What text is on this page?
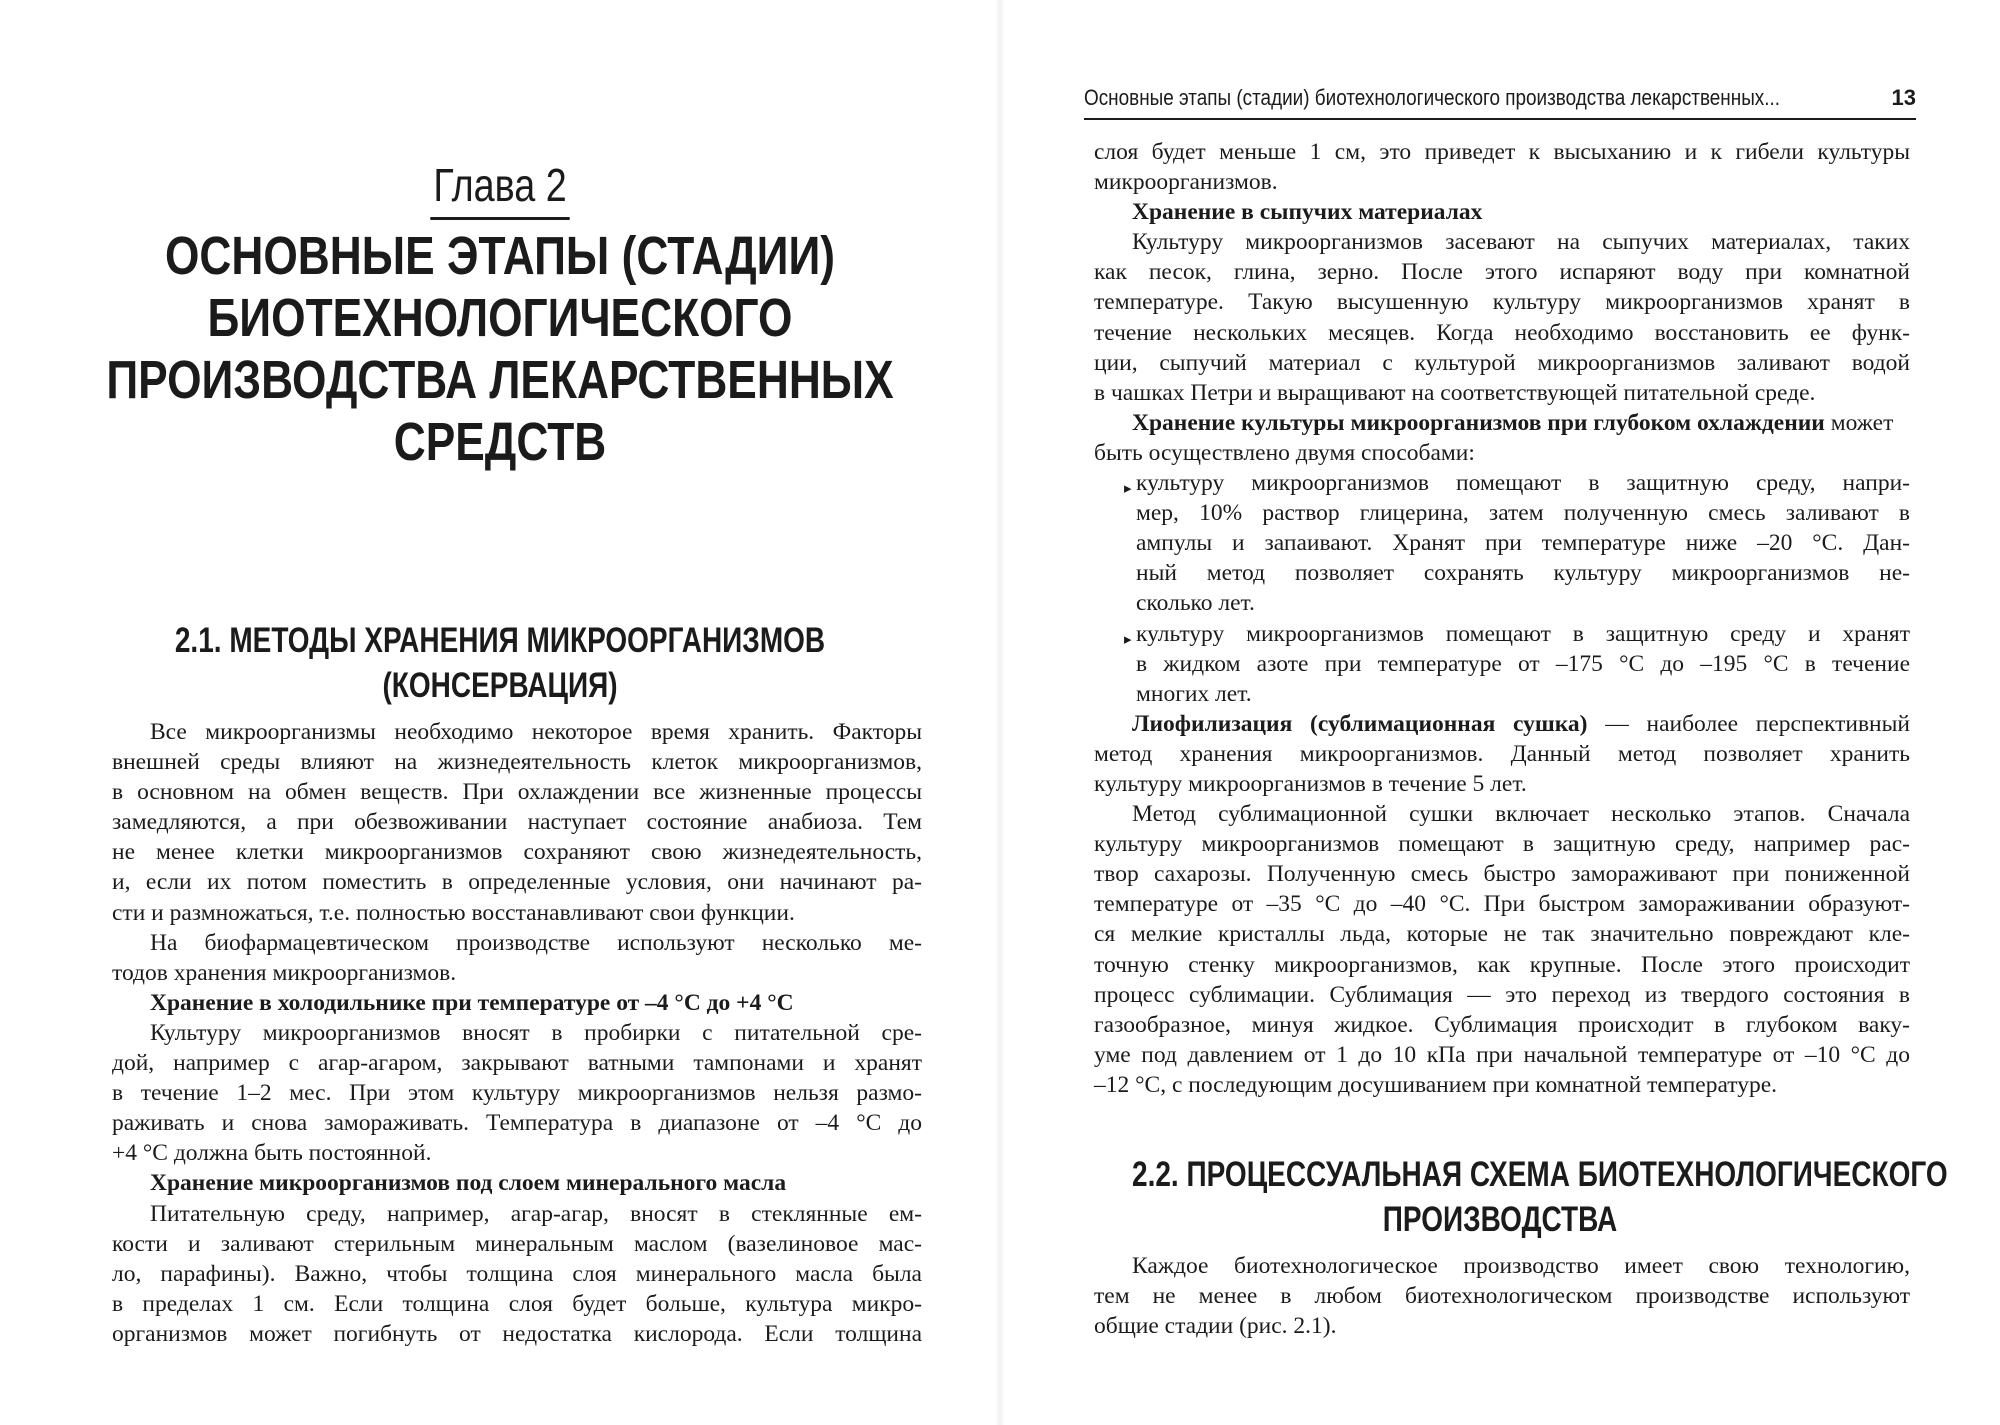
Глава 2
ОСНОВНЫЕ ЭТАПЫ (СТАДИИ)
БИОТЕХНОЛОГИЧЕСКОГО
ПРОИЗВОДСТВА ЛЕКАРСТВЕННЫХ
СРЕДСТВ
2.1. МЕТОДЫ ХРАНЕНИЯ МИКРООРГАНИЗМОВ
(КОНСЕРВАЦИЯ)
Все микроорганизмы необходимо некоторое время хранить. Факторы
внешней среды влияют на жизнедеятельность клеток микроорганизмов,
в основном на обмен веществ. При охлаждении все жизненные процессы
замедляются, а при обезвоживании наступает состояние анабиоза. Тем
не менее клетки микроорганизмов сохраняют свою жизнедеятельность,
и, если их потом поместить в определенные условия, они начинают ра-
сти и размножаться, т.е. полностью восстанавливают свои функции.
На биофармацевтическом производстве используют несколько ме-
тодов хранения микроорганизмов.
Хранение в холодильнике при температуре от –4 °С до +4 °С
Культуру микроорганизмов вносят в пробирки с питательной сре-
дой, например с агар-агаром, закрывают ватными тампонами и хранят
в течение 1–2 мес. При этом культуру микроорганизмов нельзя размо-
раживать и снова замораживать. Температура в диапазоне от –4 °С до
+4 °С должна быть постоянной.
Хранение микроорганизмов под слоем минерального масла
Питательную среду, например, агар-агар, вносят в стеклянные ем-
кости и заливают стерильным минеральным маслом (вазелиновое мас-
ло, парафины). Важно, чтобы толщина слоя минерального масла была
в пределах 1 см. Если толщина слоя будет больше, культура микро-
организмов может погибнуть от недостатка кислорода. Если толщина
Основные этапы (стадии) биотехнологического производства лекарственных...	13
слоя будет меньше 1 см, это приведет к высыханию и к гибели культуры
микроорганизмов.
Хранение в сыпучих материалах
Культуру микроорганизмов засевают на сыпучих материалах, таких
как песок, глина, зерно. После этого испаряют воду при комнатной
температуре. Такую высушенную культуру микроорганизмов хранят в
течение нескольких месяцев. Когда необходимо восстановить ее функ-
ции, сыпучий материал с культурой микроорганизмов заливают водой
в чашках Петри и выращивают на соответствующей питательной среде.
Хранение культуры микроорганизмов при глубоком охлаждении может
быть осуществлено двумя способами:
▸ культуру микроорганизмов помещают в защитную среду, напри-
мер, 10% раствор глицерина, затем полученную смесь заливают в
ампулы и запаивают. Хранят при температуре ниже –20 °С. Дан-
ный метод позволяет сохранять культуру микроорганизмов не-
сколько лет.
▸ культуру микроорганизмов помещают в защитную среду и хранят
в жидком азоте при температуре от –175 °С до –195 °С в течение
многих лет.
Лиофилизация (сублимационная сушка) — наиболее перспективный
метод хранения микроорганизмов. Данный метод позволяет хранить
культуру микроорганизмов в течение 5 лет.
Метод сублимационной сушки включает несколько этапов. Сначала
культуру микроорганизмов помещают в защитную среду, например рас-
твор сахарозы. Полученную смесь быстро замораживают при пониженной
температуре от –35 °С до –40 °С. При быстром замораживании образуют-
ся мелкие кристаллы льда, которые не так значительно повреждают кле-
точную стенку микроорганизмов, как крупные. После этого происходит
процесс сублимации. Сублимация — это переход из твердого состояния в
газообразное, минуя жидкое. Сублимация происходит в глубоком ваку-
уме под давлением от 1 до 10 кПа при начальной температуре от –10 °С до
–12 °С, с последующим досушиванием при комнатной температуре.
2.2. ПРОЦЕССУАЛЬНАЯ СХЕМА БИОТЕХНОЛОГИЧЕСКОГО
ПРОИЗВОДСТВА
Каждое биотехнологическое производство имеет свою технологию,
тем не менее в любом биотехнологическом производстве используют
общие стадии (рис. 2.1).
